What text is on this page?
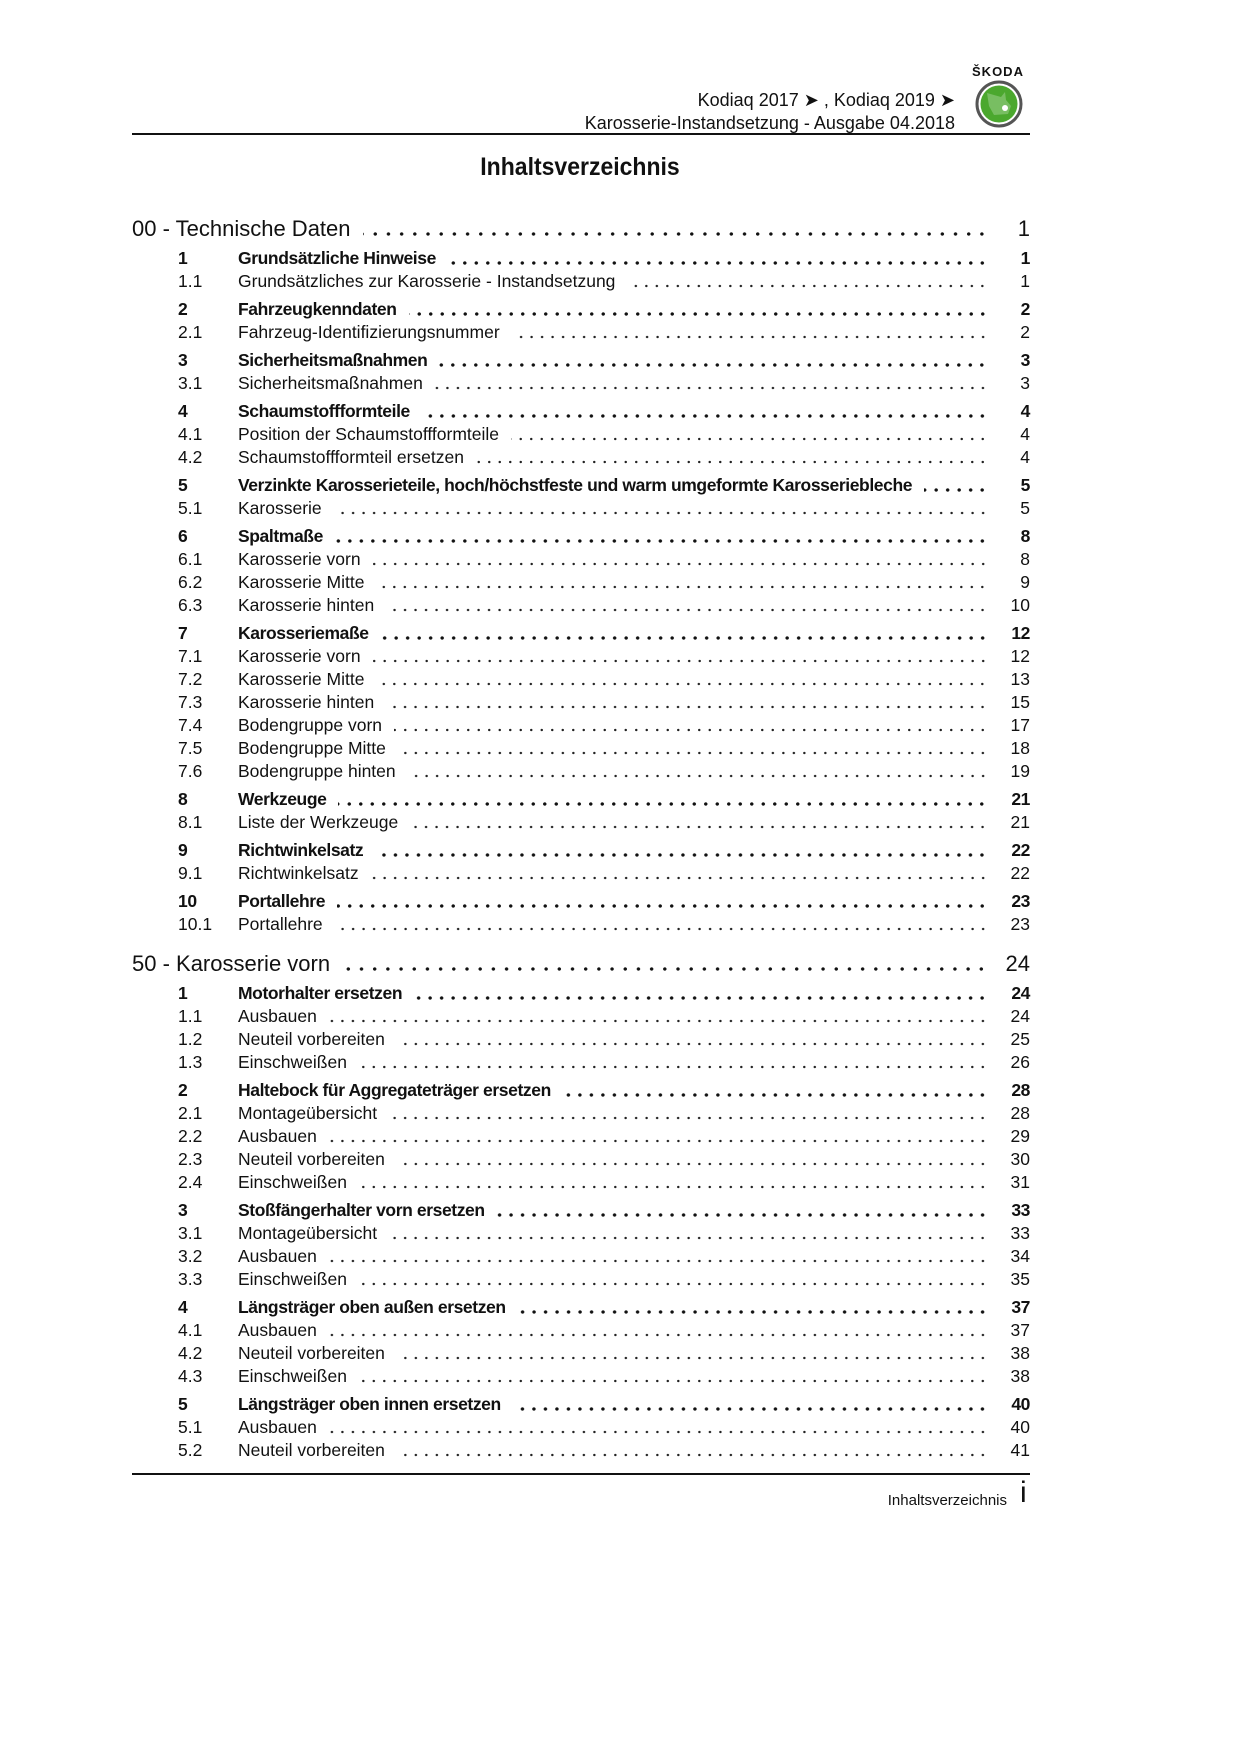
Kodiaq 2017 ➤ , Kodiaq 2019 ➤
Karosserie-Instandsetzung - Ausgabe 04.2018
ŠKODA
Inhaltsverzeichnis
00 - Technische Daten	1
1	Grundsätzliche Hinweise	1
1.1	Grundsätzliches zur Karosserie - Instandsetzung	1
2	Fahrzeugkenndaten	2
2.1	Fahrzeug-Identifizierungsnummer	2
3	Sicherheitsmaßnahmen	3
3.1	Sicherheitsmaßnahmen	3
4	Schaumstoffformteile	4
4.1	Position der Schaumstoffformteile	4
4.2	Schaumstoffformteil ersetzen	4
5	Verzinkte Karosserieteile, hoch/höchstfeste und warm umgeformte Karosseriebleche	5
5.1	Karosserie	5
6	Spaltmaße	8
6.1	Karosserie vorn	8
6.2	Karosserie Mitte	9
6.3	Karosserie hinten	10
7	Karosseriemaße	12
7.1	Karosserie vorn	12
7.2	Karosserie Mitte	13
7.3	Karosserie hinten	15
7.4	Bodengruppe vorn	17
7.5	Bodengruppe Mitte	18
7.6	Bodengruppe hinten	19
8	Werkzeuge	21
8.1	Liste der Werkzeuge	21
9	Richtwinkelsatz	22
9.1	Richtwinkelsatz	22
10	Portallehre	23
10.1	Portallehre	23
50 - Karosserie vorn	24
1	Motorhalter ersetzen	24
1.1	Ausbauen	24
1.2	Neuteil vorbereiten	25
1.3	Einschweißen	26
2	Haltebock für Aggregateträger ersetzen	28
2.1	Montageübersicht	28
2.2	Ausbauen	29
2.3	Neuteil vorbereiten	30
2.4	Einschweißen	31
3	Stoßfängerhalter vorn ersetzen	33
3.1	Montageübersicht	33
3.2	Ausbauen	34
3.3	Einschweißen	35
4	Längsträger oben außen ersetzen	37
4.1	Ausbauen	37
4.2	Neuteil vorbereiten	38
4.3	Einschweißen	38
5	Längsträger oben innen ersetzen	40
5.1	Ausbauen	40
5.2	Neuteil vorbereiten	41
Inhaltsverzeichnis i
